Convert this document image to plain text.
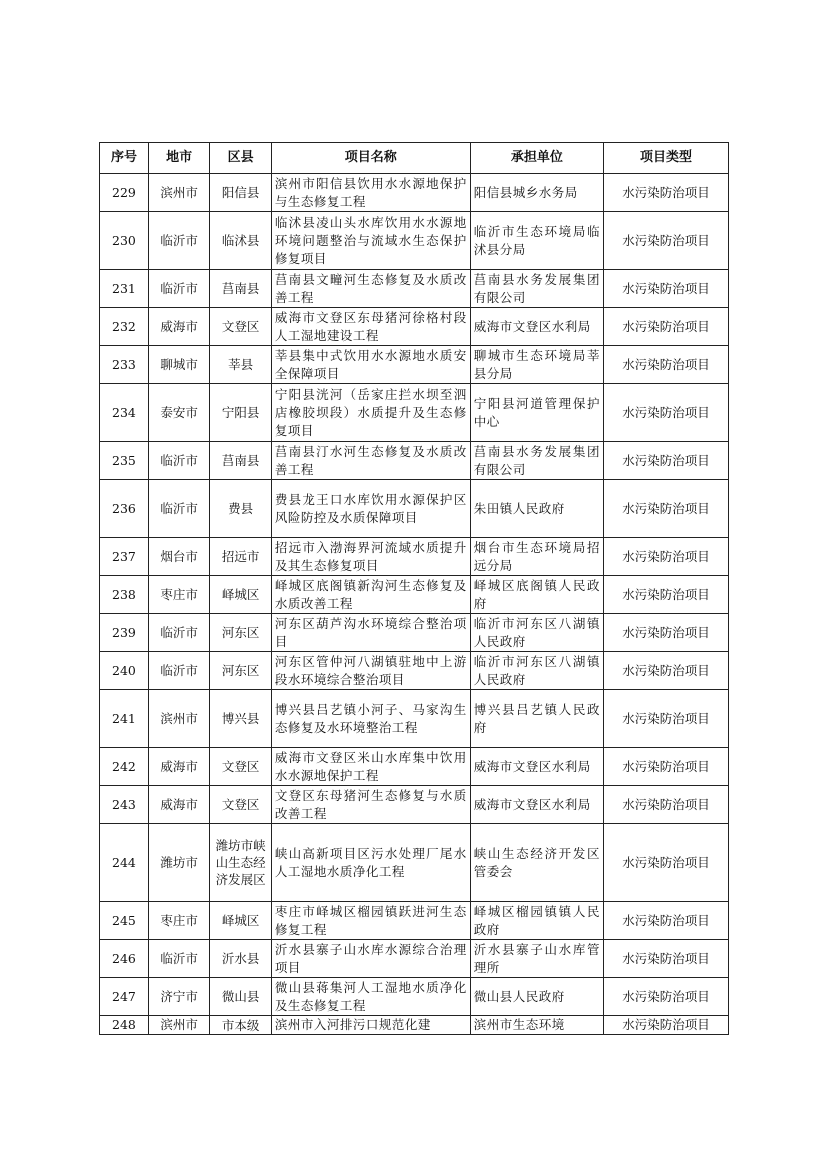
序号	地市	区县	项目名称	承担单位	项目类型
229	滨州市	阳信县	滨州市阳信县饮用水水源地保护与生态修复工程	阳信县城乡水务局	水污染防治项目
230	临沂市	临沭县	临沭县凌山头水库饮用水水源地环境问题整治与流域水生态保护修复项目	临沂市生态环境局临沭县分局	水污染防治项目
231	临沂市	莒南县	莒南县文疃河生态修复及水质改善工程	莒南县水务发展集团有限公司	水污染防治项目
232	威海市	文登区	威海市文登区东母猪河徐格村段人工湿地建设工程	威海市文登区水利局	水污染防治项目
233	聊城市	莘县	莘县集中式饮用水水源地水质安全保障项目	聊城市生态环境局莘县分局	水污染防治项目
234	泰安市	宁阳县	宁阳县洸河（岳家庄拦水坝至泗店橡胶坝段）水质提升及生态修复项目	宁阳县河道管理保护中心	水污染防治项目
235	临沂市	莒南县	莒南县汀水河生态修复及水质改善工程	莒南县水务发展集团有限公司	水污染防治项目
236	临沂市	费县	费县龙王口水库饮用水源保护区风险防控及水质保障项目	朱田镇人民政府	水污染防治项目
237	烟台市	招远市	招远市入渤海界河流域水质提升及其生态修复项目	烟台市生态环境局招远分局	水污染防治项目
238	枣庄市	峄城区	峄城区底阁镇新沟河生态修复及水质改善工程	峄城区底阁镇人民政府	水污染防治项目
239	临沂市	河东区	河东区葫芦沟水环境综合整治项目	临沂市河东区八湖镇人民政府	水污染防治项目
240	临沂市	河东区	河东区管仲河八湖镇驻地中上游段水环境综合整治项目	临沂市河东区八湖镇人民政府	水污染防治项目
241	滨州市	博兴县	博兴县吕艺镇小河子、马家沟生态修复及水环境整治工程	博兴县吕艺镇人民政府	水污染防治项目
242	威海市	文登区	威海市文登区米山水库集中饮用水水源地保护工程	威海市文登区水利局	水污染防治项目
243	威海市	文登区	文登区东母猪河生态修复与水质改善工程	威海市文登区水利局	水污染防治项目
244	潍坊市	潍坊市峡山生态经济发展区	峡山高新项目区污水处理厂尾水人工湿地水质净化工程	峡山生态经济开发区管委会	水污染防治项目
245	枣庄市	峄城区	枣庄市峄城区榴园镇跃进河生态修复工程	峄城区榴园镇镇人民政府	水污染防治项目
246	临沂市	沂水县	沂水县寨子山水库水源综合治理项目	沂水县寨子山水库管理所	水污染防治项目
247	济宁市	微山县	微山县蒋集河人工湿地水质净化及生态修复工程	微山县人民政府	水污染防治项目
248	滨州市	市本级	滨州市入河排污口规范化建	滨州市生态环境	水污染防治项目
